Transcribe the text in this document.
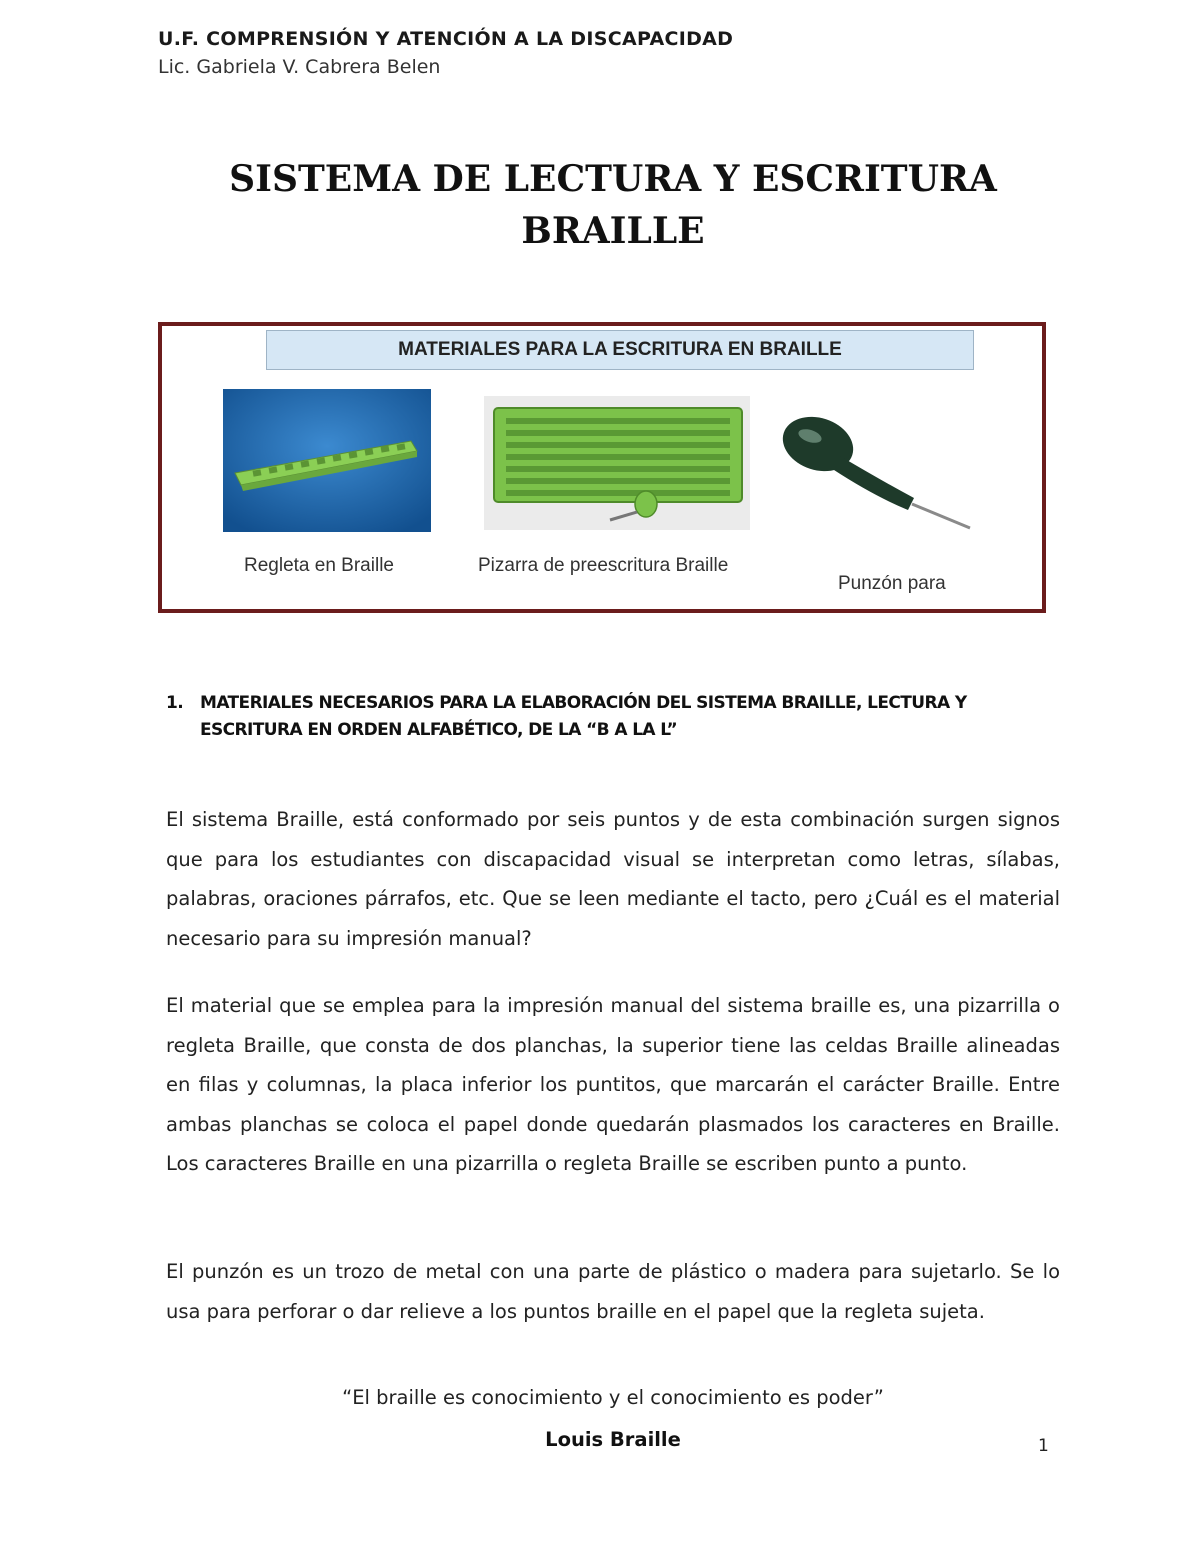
U.F. COMPRENSIÓN Y ATENCIÓN A LA DISCAPACIDAD
Lic. Gabriela V. Cabrera Belen
SISTEMA DE LECTURA Y ESCRITURA
BRAILLE
MATERIALES PARA LA ESCRITURA EN BRAILLE
Regleta en Braille	Pizarra de preescritura Braille
Punzón para
1. MATERIALES NECESARIOS PARA LA ELABORACIÓN DEL SISTEMA BRAILLE, LECTURA Y ESCRITURA EN ORDEN ALFABÉTICO, DE LA “B A LA L”

El sistema Braille, está conformado por seis puntos y de esta combinación surgen signos que para los estudiantes con discapacidad visual se interpretan como letras, sílabas, palabras, oraciones párrafos, etc. Que se leen mediante el tacto, pero ¿Cuál es el material necesario para su impresión manual?

El material que se emplea para la impresión manual del sistema braille es, una pizarrilla o regleta Braille, que consta de dos planchas, la superior tiene las celdas Braille alineadas en filas y columnas, la placa inferior los puntitos, que marcarán el carácter Braille. Entre ambas planchas se coloca el papel donde quedarán plasmados los caracteres en Braille. Los caracteres Braille en una pizarrilla o regleta Braille se escriben punto a punto.

El punzón es un trozo de metal con una parte de plástico o madera para sujetarlo. Se lo usa para perforar o dar relieve a los puntos braille en el papel que la regleta sujeta.

“El braille es conocimiento y el conocimiento es poder”
Louis Braille	1
